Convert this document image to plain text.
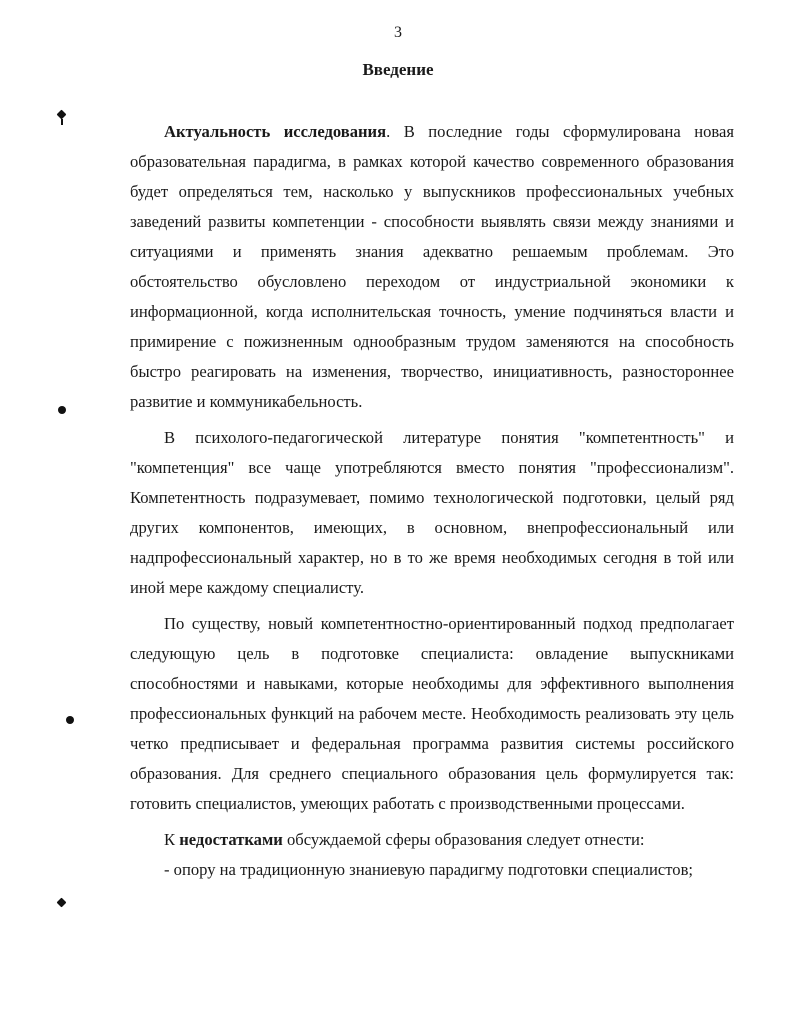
3
Введение

Актуальность исследования. В последние годы сформулирована новая образовательная парадигма, в рамках которой качество современного образования будет определяться тем, насколько у выпускников профессиональных учебных заведений развиты компетенции - способности выявлять связи между знаниями и ситуациями и применять знания адекватно решаемым проблемам. Это обстоятельство обусловлено переходом от индустриальной экономики к информационной, когда исполнительская точность, умение подчиняться власти и примирение с пожизненным однообразным трудом заменяются на способность быстро реагировать на изменения, творчество, инициативность, разностороннее развитие и коммуникабельность.

В психолого-педагогической литературе понятия "компетентность" и "компетенция" все чаще употребляются вместо понятия "профессионализм". Компетентность подразумевает, помимо технологической подготовки, целый ряд других компонентов, имеющих, в основном, внепрофессиональный или надпрофессиональный характер, но в то же время необходимых сегодня в той или иной мере каждому специалисту.

По существу, новый компетентностно-ориентированный подход предполагает следующую цель в подготовке специалиста: овладение выпускниками способностями и навыками, которые необходимы для эффективного выполнения профессиональных функций на рабочем месте. Необходимость реализовать эту цель четко предписывает и федеральная программа развития системы российского образования. Для среднего специального образования цель формулируется так: готовить специалистов, умеющих работать с производственными процессами.

К недостатками обсуждаемой сферы образования следует отнести:

- опору на традиционную знаниевую парадигму подготовки специалистов;
